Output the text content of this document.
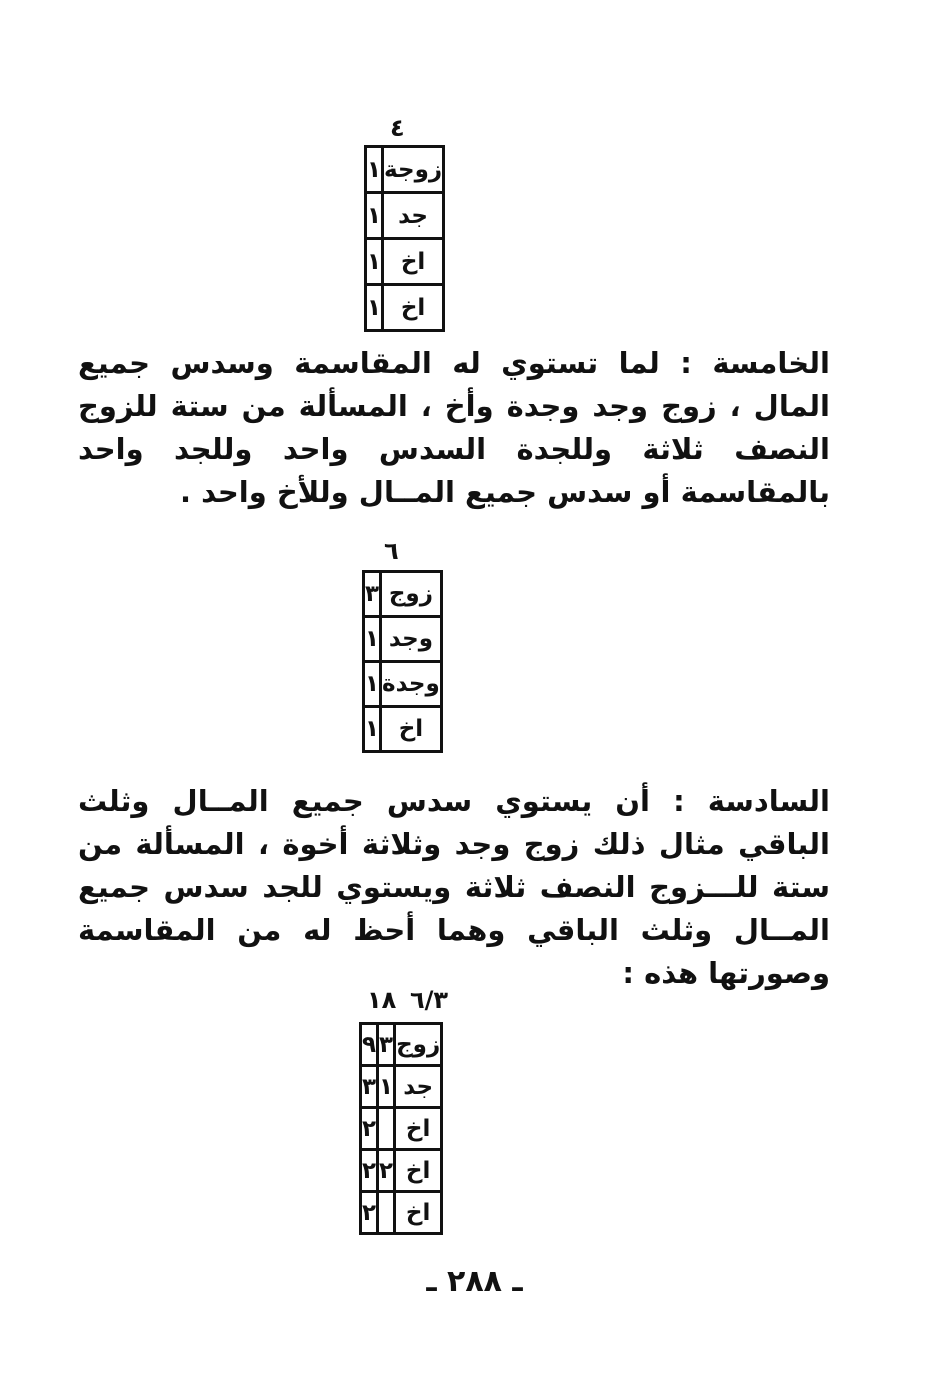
٤
زوجة	١
جد	١
اخ	١
اخ	١

الخامسة : لما تستوي له المقاسمة وسدس جميع المال ، زوج وجد وجدة وأخ ، المسألة من ستة للزوج النصف ثلاثة وللجدة السدس واحد وللجد واحد بالمقاسمة أو سدس جميع المــال وللأخ واحد .

٦
زوج	٣
وجد	١
وجدة	١
اخ	١

السادسة : أن يستوي سدس جميع المــال وثلث الباقي مثال ذلك زوج وجد وثلاثة أخوة ، المسألة من ستة للـــزوج النصف ثلاثة ويستوي للجد سدس جميع المــال وثلث الباقي وهما أحظ له من المقاسمة وصورتها هذه :

١٨ ٦/٣
زوج	٣	٩
جد	١	٣
اخ		٢
اخ	٢	٢
اخ		٢
ـ ٢٨٨ ـ
